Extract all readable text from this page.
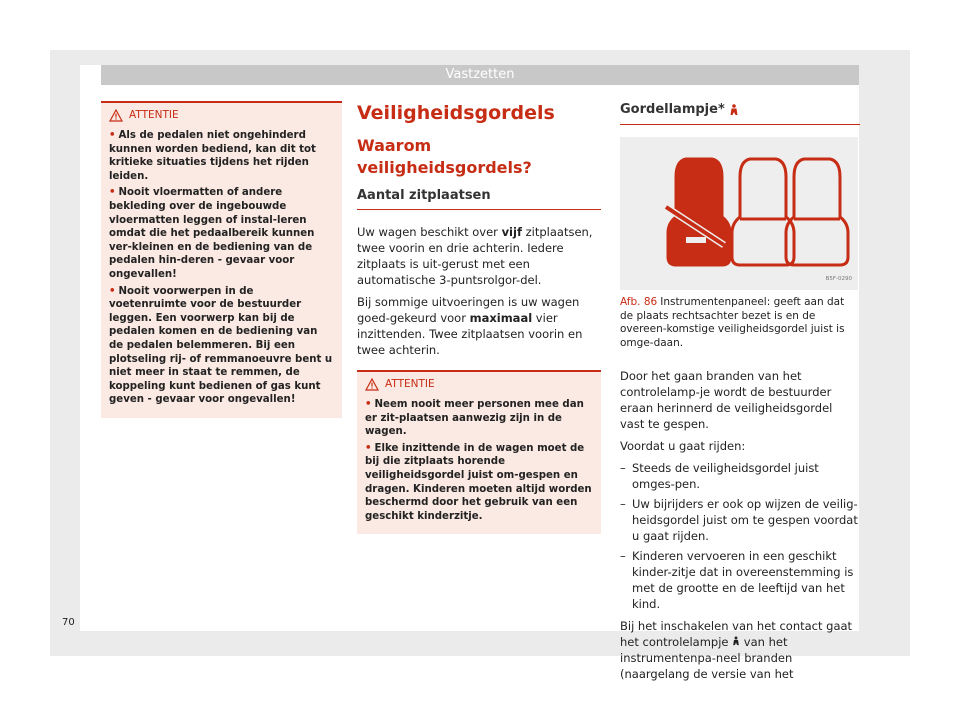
Vastzetten
ATTENTIE
• Als de pedalen niet ongehinderd kunnen worden bediend, kan dit tot kritieke situaties tijdens het rijden leiden.
• Nooit vloermatten of andere bekleding over de ingebouwde vloermatten leggen of instal-leren omdat die het pedaalbereik kunnen ver-kleinen en de bediening van de pedalen hin-deren - gevaar voor ongevallen!
• Nooit voorwerpen in de voetenruimte voor de bestuurder leggen. Een voorwerp kan bij de pedalen komen en de bediening van de pedalen belemmeren. Bij een plotseling rij- of remmanoeuvre bent u niet meer in staat te remmen, de koppeling kunt bedienen of gas kunt geven - gevaar voor ongevallen!
Veiligheidsgordels
Waarom veiligheidsgordels?
Aantal zitplaatsen

Uw wagen beschikt over vijf zitplaatsen, twee voorin en drie achterin. Iedere zitplaats is uit-gerust met een automatische 3-puntsrolgor-del.

Bij sommige uitvoeringen is uw wagen goed-gekeurd voor maximaal vier inzittenden. Twee zitplaatsen voorin en twee achterin.

ATTENTIE
• Neem nooit meer personen mee dan er zit-plaatsen aanwezig zijn in de wagen.
• Elke inzittende in de wagen moet de bij die zitplaats horende veiligheidsgordel juist om-gespen en dragen. Kinderen moeten altijd worden beschermd door het gebruik van een geschikt kinderzitje.
Gordellampje*
B5F-0290
Afb. 86 Instrumentenpaneel: geeft aan dat de plaats rechtsachter bezet is en de overeen-komstige veiligheidsgordel juist is omge-daan.

Door het gaan branden van het controlelamp-je wordt de bestuurder eraan herinnerd de veiligheidsgordel vast te gespen.

Voordat u gaat rijden:

– Steeds de veiligheidsgordel juist omges-pen.
– Uw bijrijders er ook op wijzen de veilig-heidsgordel juist om te gespen voordat u gaat rijden.
– Kinderen vervoeren in een geschikt kinder-zitje dat in overeenstemming is met de grootte en de leeftijd van het kind.

Bij het inschakelen van het contact gaat het controlelampje  van het instrumentenpa-neel branden (naargelang de versie van het

70
